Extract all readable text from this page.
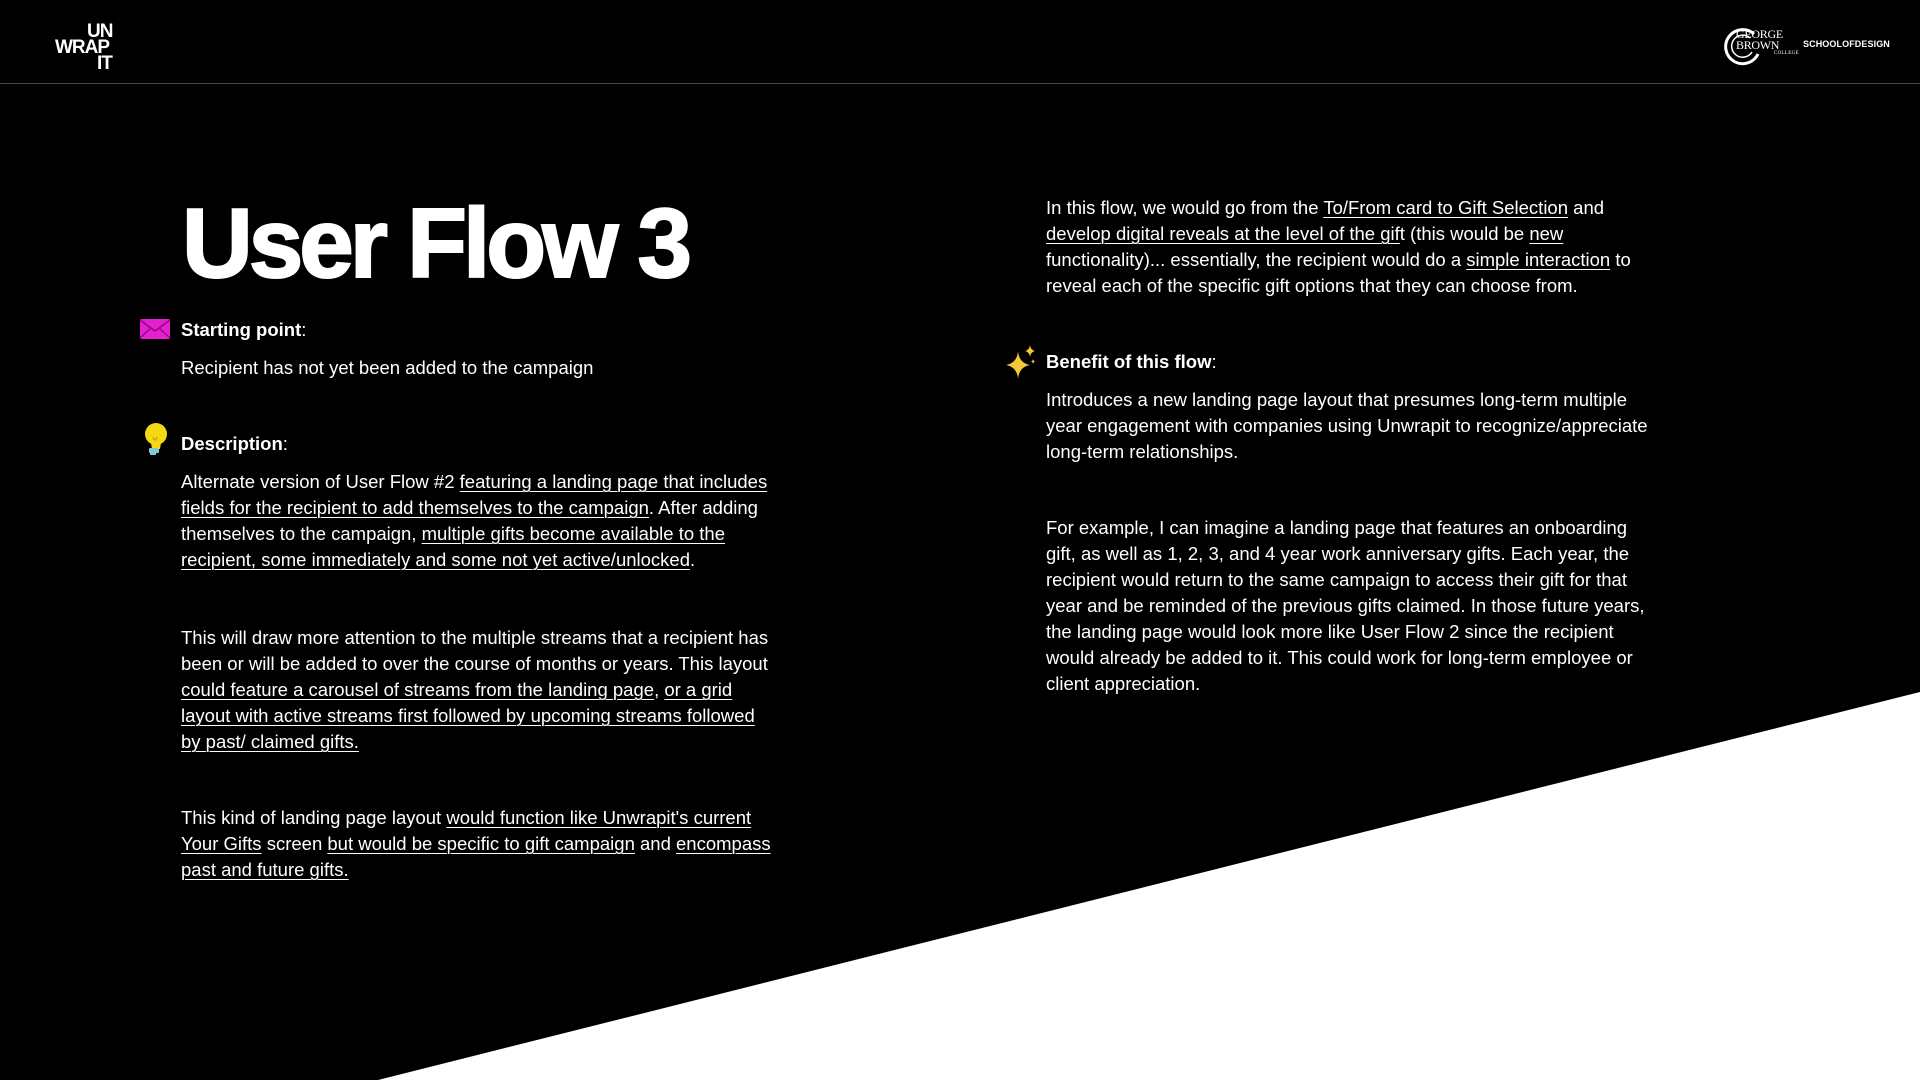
UN
WRAP
IT
GEORGE
BROWN
COLLEGE
SCHOOLOFDESIGN
User Flow 3
Starting point:
Recipient has not yet been added to the campaign
Description:
Alternate version of User Flow #2 featuring a landing page that includes fields for the recipient to add themselves to the campaign. After adding themselves to the campaign, multiple gifts become available to the recipient, some immediately and some not yet active/unlocked.
This will draw more attention to the multiple streams that a recipient has been or will be added to over the course of months or years. This layout could feature a carousel of streams from the landing page, or a grid layout with active streams first followed by upcoming streams followed by past/ claimed gifts.
This kind of landing page layout would function like Unwrapit's current Your Gifts screen but would be specific to gift campaign and encompass past and future gifts.
In this flow, we would go from the To/From card to Gift Selection and develop digital reveals at the level of the gift (this would be new functionality)... essentially, the recipient would do a simple interaction to reveal each of the specific gift options that they can choose from.
Benefit of this flow:
Introduces a new landing page layout that presumes long-term multiple year engagement with companies using Unwrapit to recognize/appreciate long-term relationships.
For example, I can imagine a landing page that features an onboarding gift, as well as 1, 2, 3, and 4 year work anniversary gifts. Each year, the recipient would return to the same campaign to access their gift for that year and be reminded of the previous gifts claimed. In those future years, the landing page would look more like User Flow 2 since the recipient would already be added to it. This could work for long-term employee or client appreciation.
